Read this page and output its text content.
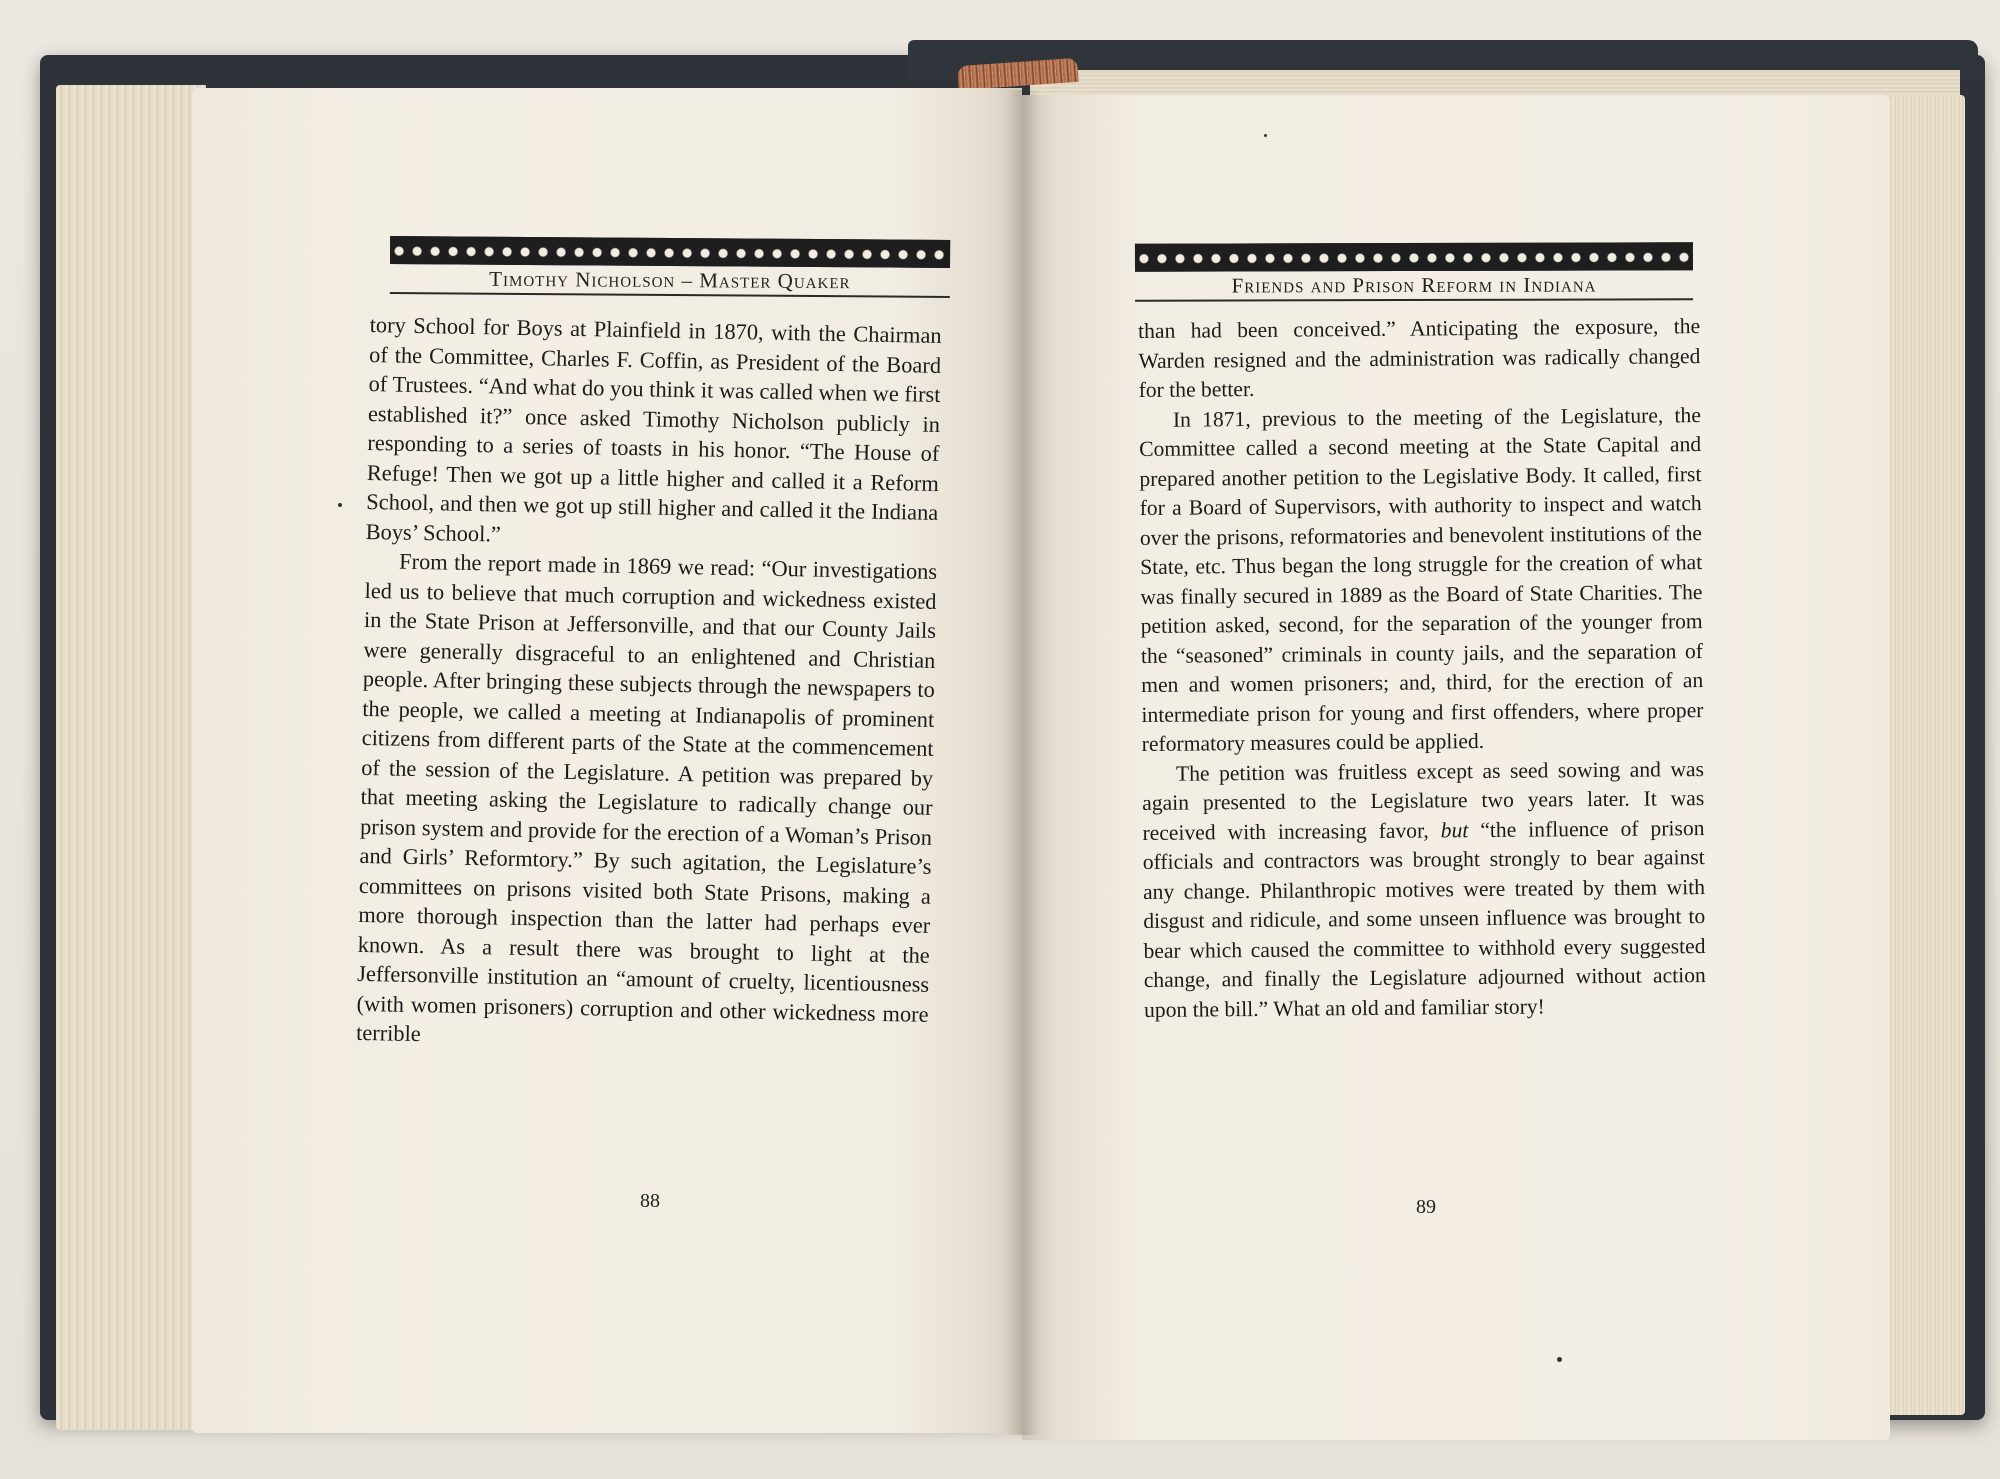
Timothy Nicholson – Master Quaker	Friends and Prison Reform in Indiana

tory School for Boys at Plainfield in 1870, with the Chairman of the Committee, Charles F. Coffin, as President of the Board of Trustees. “And what do you think it was called when we first established it?” once asked Timothy Nicholson publicly in responding to a series of toasts in his honor. “The House of Refuge! Then we got up a little higher and called it a Reform School, and then we got up still higher and called it the Indiana Boys’ School.”

From the report made in 1869 we read: “Our investigations led us to believe that much corruption and wickedness existed in the State Prison at Jeffersonville, and that our County Jails were generally disgraceful to an enlightened and Christian people. After bringing these subjects through the newspapers to the people, we called a meeting at Indianapolis of prominent citizens from different parts of the State at the commencement of the session of the Legislature. A petition was prepared by that meeting asking the Legislature to radically change our prison system and provide for the erection of a Woman’s Prison and Girls’ Reformtory.” By such agitation, the Legislature’s committees on prisons visited both State Prisons, making a more thorough inspection than the latter had perhaps ever known. As a result there was brought to light at the Jeffersonville institution an “amount of cruelty, licentiousness (with women prisoners) corruption and other wickedness more terrible

than had been conceived.” Anticipating the exposure, the Warden resigned and the administration was radically changed for the better.

In 1871, previous to the meeting of the Legislature, the Committee called a second meeting at the State Capital and prepared another petition to the Legislative Body. It called, first for a Board of Supervisors, with authority to inspect and watch over the prisons, reformatories and benevolent institutions of the State, etc. Thus began the long struggle for the creation of what was finally secured in 1889 as the Board of State Charities. The petition asked, second, for the separation of the younger from the “seasoned” criminals in county jails, and the separation of men and women prisoners; and, third, for the erection of an intermediate prison for young and first offenders, where proper reformatory measures could be applied.

The petition was fruitless except as seed sowing and was again presented to the Legislature two years later. It was received with increasing favor, but “the influence of prison officials and contractors was brought strongly to bear against any change. Philanthropic motives were treated by them with disgust and ridicule, and some unseen influence was brought to bear which caused the committee to withhold every suggested change, and finally the Legislature adjourned without action upon the bill.” What an old and familiar story!

88	89
